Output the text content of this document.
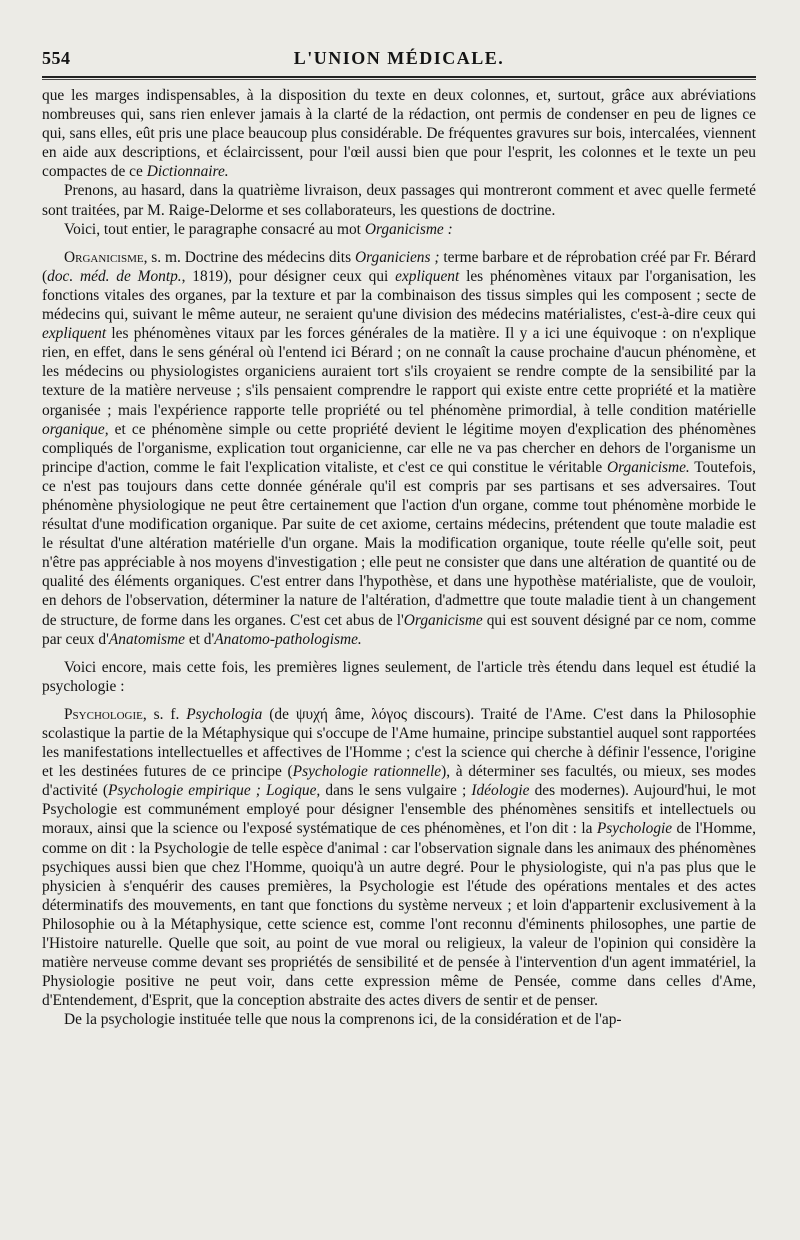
L'UNION MÉDICALE.
554

que les marges indispensables, à la disposition du texte en deux colonnes, et, surtout, grâce aux abréviations nombreuses qui, sans rien enlever jamais à la clarté de la rédaction, ont permis de condenser en peu de lignes ce qui, sans elles, eût pris une place beaucoup plus considérable. De fréquentes gravures sur bois, intercalées, viennent en aide aux descriptions, et éclaircissent, pour l'œil aussi bien que pour l'esprit, les colonnes et le texte un peu compactes de ce Dictionnaire.

Prenons, au hasard, dans la quatrième livraison, deux passages qui montreront comment et avec quelle fermeté sont traitées, par M. Raige-Delorme et ses collaborateurs, les questions de doctrine.

Voici, tout entier, le paragraphe consacré au mot Organicisme :

Organicisme, s. m. Doctrine des médecins dits Organiciens ; terme barbare et de réprobation créé par Fr. Bérard (doc. méd. de Montp., 1819), pour désigner ceux qui expliquent les phénomènes vitaux par l'organisation, les fonctions vitales des organes, par la texture et par la combinaison des tissus simples qui les composent ; secte de médecins qui, suivant le même auteur, ne seraient qu'une division des médecins matérialistes, c'est-à-dire ceux qui expliquent les phénomènes vitaux par les forces générales de la matière. Il y a ici une équivoque : on n'explique rien, en effet, dans le sens général où l'entend ici Bérard ; on ne connaît la cause prochaine d'aucun phénomène, et les médecins ou physiologistes organiciens auraient tort s'ils croyaient se rendre compte de la sensibilité par la texture de la matière nerveuse ; s'ils pensaient comprendre le rapport qui existe entre cette propriété et la matière organisée ; mais l'expérience rapporte telle propriété ou tel phénomène primordial, à telle condition matérielle organique, et ce phénomène simple ou cette propriété devient le légitime moyen d'explication des phénomènes compliqués de l'organisme, explication tout organicienne, car elle ne va pas chercher en dehors de l'organisme un principe d'action, comme le fait l'explication vitaliste, et c'est ce qui constitue le véritable Organicisme. Toutefois, ce n'est pas toujours dans cette donnée générale qu'il est compris par ses partisans et ses adversaires. Tout phénomène physiologique ne peut être certainement que l'action d'un organe, comme tout phénomène morbide le résultat d'une modification organique. Par suite de cet axiome, certains médecins, prétendent que toute maladie est le résultat d'une altération matérielle d'un organe. Mais la modification organique, toute réelle qu'elle soit, peut n'être pas appréciable à nos moyens d'investigation ; elle peut ne consister que dans une altération de quantité ou de qualité des éléments organiques. C'est entrer dans l'hypothèse, et dans une hypothèse matérialiste, que de vouloir, en dehors de l'observation, déterminer la nature de l'altération, d'admettre que toute maladie tient à un changement de structure, de forme dans les organes. C'est cet abus de l'Organicisme qui est souvent désigné par ce nom, comme par ceux d'Anatomisme et d'Anatomo-pathologisme.

Voici encore, mais cette fois, les premières lignes seulement, de l'article très étendu dans lequel est étudié la psychologie :

Psychologie, s. f. Psychologia (de ψυχή âme, λόγος discours). Traité de l'Ame. C'est dans la Philosophie scolastique la partie de la Métaphysique qui s'occupe de l'Ame humaine, principe substantiel auquel sont rapportées les manifestations intellectuelles et affectives de l'Homme ; c'est la science qui cherche à définir l'essence, l'origine et les destinées futures de ce principe (Psychologie rationnelle), à déterminer ses facultés, ou mieux, ses modes d'activité (Psychologie empirique ; Logique, dans le sens vulgaire ; Idéologie des modernes). Aujourd'hui, le mot Psychologie est communément employé pour désigner l'ensemble des phénomènes sensitifs et intellectuels ou moraux, ainsi que la science ou l'exposé systématique de ces phénomènes, et l'on dit : la Psychologie de l'Homme, comme on dit : la Psychologie de telle espèce d'animal : car l'observation signale dans les animaux des phénomènes psychiques aussi bien que chez l'Homme, quoiqu'à un autre degré. Pour le physiologiste, qui n'a pas plus que le physicien à s'enquérir des causes premières, la Psychologie est l'étude des opérations mentales et des actes déterminatifs des mouvements, en tant que fonctions du système nerveux ; et loin d'appartenir exclusivement à la Philosophie ou à la Métaphysique, cette science est, comme l'ont reconnu d'éminents philosophes, une partie de l'Histoire naturelle. Quelle que soit, au point de vue moral ou religieux, la valeur de l'opinion qui considère la matière nerveuse comme devant ses propriétés de sensibilité et de pensée à l'intervention d'un agent immatériel, la Physiologie positive ne peut voir, dans cette expression même de Pensée, comme dans celles d'Ame, d'Entendement, d'Esprit, que la conception abstraite des actes divers de sentir et de penser.

De la psychologie instituée telle que nous la comprenons ici, de la considération et de l'ap-
